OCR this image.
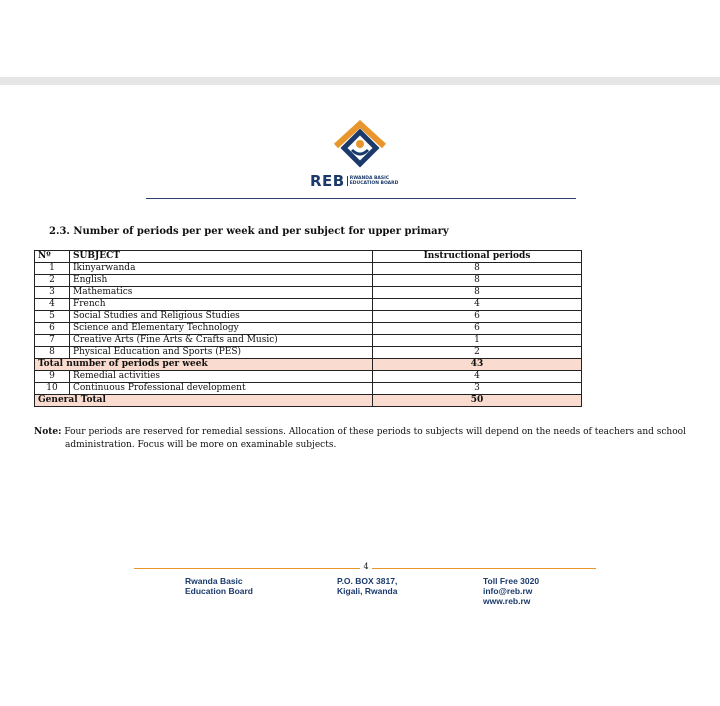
REB	RWANDA BASIC
EDUCATION BOARD
2.3. Number of periods per per week and per subject for upper primary
Nº	SUBJECT	Instructional periods
1	Ikinyarwanda	8
2	English	8
3	Mathematics	8
4	French	4
5	Social Studies and Religious Studies	6
6	Science and Elementary Technology	6
7	Creative Arts (Fine Arts & Crafts and Music)	1
8	Physical Education and Sports (PES)	2
Total number of periods per week		43
9	Remedial activities	4
10	Continuous Professional development	3
General Total		50
Note: Four periods are reserved for remedial sessions. Allocation of these periods to subjects will depend on the needs of teachers and school
administration. Focus will be more on examinable subjects.
4
Rwanda Basic
Education Board
P.O. BOX 3817,
Kigali, Rwanda
Toll Free 3020
info@reb.rw
www.reb.rw
